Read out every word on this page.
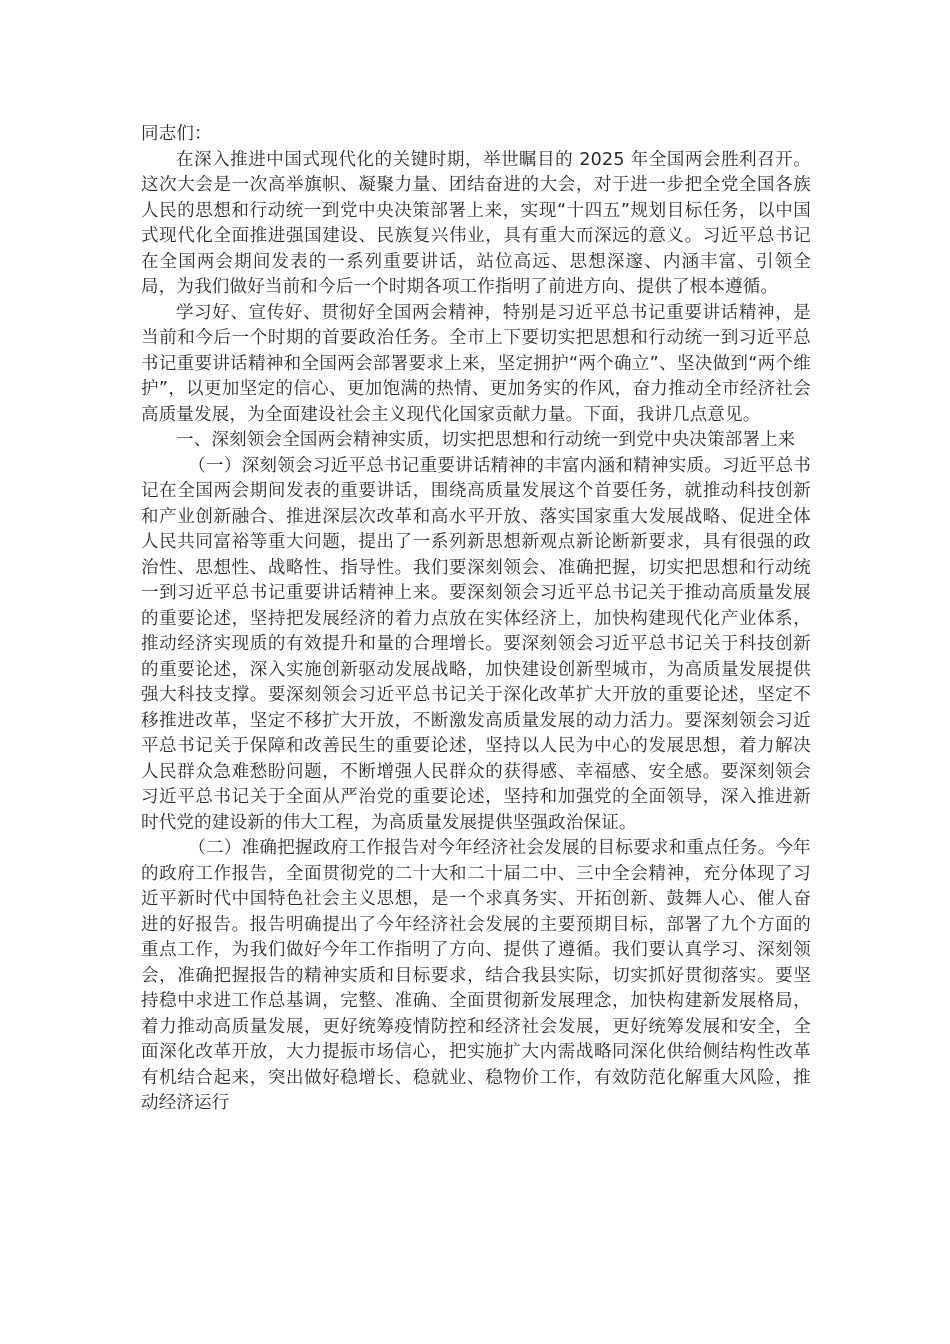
同志们：

在深入推进中国式现代化的关键时期，举世瞩目的 2025 年全国两会胜利召开。这次大会是一次高举旗帜、凝聚力量、团结奋进的大会，对于进一步把全党全国各族人民的思想和行动统一到党中央决策部署上来，实现“十四五”规划目标任务，以中国式现代化全面推进强国建设、民族复兴伟业，具有重大而深远的意义。习近平总书记在全国两会期间发表的一系列重要讲话，站位高远、思想深邃、内涵丰富、引领全局，为我们做好当前和今后一个时期各项工作指明了前进方向、提供了根本遵循。

学习好、宣传好、贯彻好全国两会精神，特别是习近平总书记重要讲话精神，是当前和今后一个时期的首要政治任务。全市上下要切实把思想和行动统一到习近平总书记重要讲话精神和全国两会部署要求上来，坚定拥护“两个确立”、坚决做到“两个维护”，以更加坚定的信心、更加饱满的热情、更加务实的作风，奋力推动全市经济社会高质量发展，为全面建设社会主义现代化国家贡献力量。下面，我讲几点意见。

一、深刻领会全国两会精神实质，切实把思想和行动统一到党中央决策部署上来

（一）深刻领会习近平总书记重要讲话精神的丰富内涵和精神实质。习近平总书记在全国两会期间发表的重要讲话，围绕高质量发展这个首要任务，就推动科技创新和产业创新融合、推进深层次改革和高水平开放、落实国家重大发展战略、促进全体人民共同富裕等重大问题，提出了一系列新思想新观点新论断新要求，具有很强的政治性、思想性、战略性、指导性。我们要深刻领会、准确把握，切实把思想和行动统一到习近平总书记重要讲话精神上来。要深刻领会习近平总书记关于推动高质量发展的重要论述，坚持把发展经济的着力点放在实体经济上，加快构建现代化产业体系，推动经济实现质的有效提升和量的合理增长。要深刻领会习近平总书记关于科技创新的重要论述，深入实施创新驱动发展战略，加快建设创新型城市，为高质量发展提供强大科技支撑。要深刻领会习近平总书记关于深化改革扩大开放的重要论述，坚定不移推进改革，坚定不移扩大开放，不断激发高质量发展的动力活力。要深刻领会习近平总书记关于保障和改善民生的重要论述，坚持以人民为中心的发展思想，着力解决人民群众急难愁盼问题，不断增强人民群众的获得感、幸福感、安全感。要深刻领会习近平总书记关于全面从严治党的重要论述，坚持和加强党的全面领导，深入推进新时代党的建设新的伟大工程，为高质量发展提供坚强政治保证。

（二）准确把握政府工作报告对今年经济社会发展的目标要求和重点任务。今年的政府工作报告，全面贯彻党的二十大和二十届二中、三中全会精神，充分体现了习近平新时代中国特色社会主义思想，是一个求真务实、开拓创新、鼓舞人心、催人奋进的好报告。报告明确提出了今年经济社会发展的主要预期目标，部署了九个方面的重点工作，为我们做好今年工作指明了方向、提供了遵循。我们要认真学习、深刻领会，准确把握报告的精神实质和目标要求，结合我县实际，切实抓好贯彻落实。要坚持稳中求进工作总基调，完整、准确、全面贯彻新发展理念，加快构建新发展格局，着力推动高质量发展，更好统筹疫情防控和经济社会发展，更好统筹发展和安全，全面深化改革开放，大力提振市场信心，把实施扩大内需战略同深化供给侧结构性改革有机结合起来，突出做好稳增长、稳就业、稳物价工作，有效防范化解重大风险，推动经济运行
